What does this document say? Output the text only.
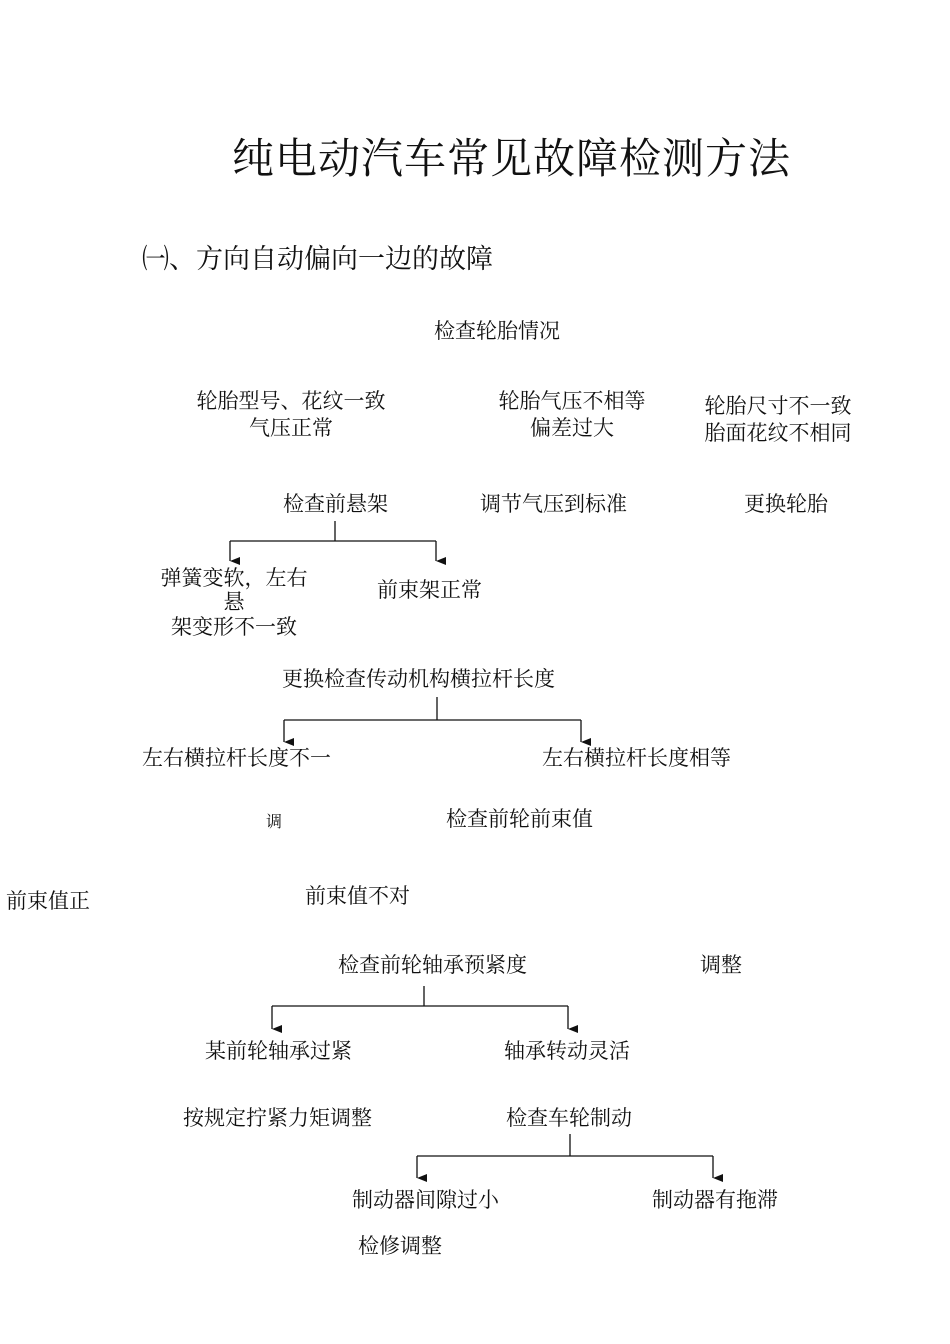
纯电动汽车常见故障检测方法
㈠、方向自动偏向一边的故障
检查轮胎情况
轮胎型号、花纹一致
气压正常
轮胎气压不相等
偏差过大
轮胎尺寸不一致
胎面花纹不相同
检查前悬架	调节气压到标准	更换轮胎
弹簧变软，左右
悬
架变形不一致
前束架正常
更换检查传动机构横拉杆长度
左右横拉杆长度不一	左右横拉杆长度相等
调	检查前轮前束值
前束值正	前束值不对
检查前轮轴承预紧度	调整
某前轮轴承过紧	轴承转动灵活
按规定拧紧力矩调整	检查车轮制动
制动器间隙过小	制动器有拖滞
检修调整
